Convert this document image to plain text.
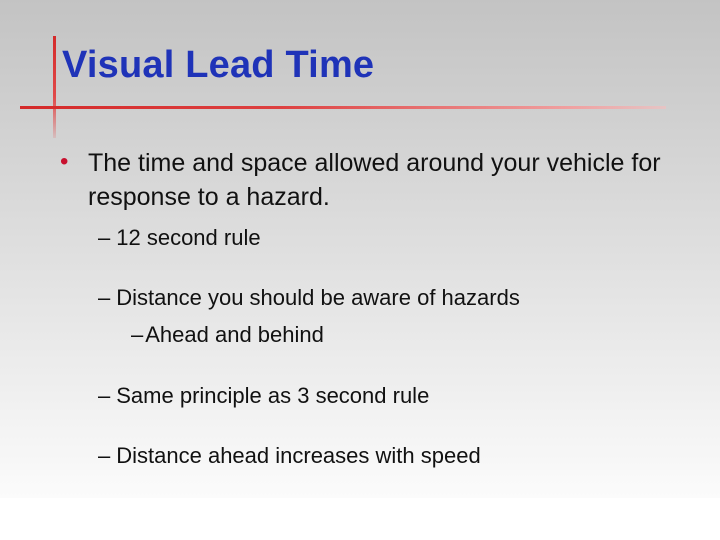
Visual Lead Time
• The time and space allowed around your vehicle for response to a hazard.
– 12 second rule
– Distance you should be aware of hazards
–Ahead and behind
– Same principle as 3 second rule
– Distance ahead increases with speed
